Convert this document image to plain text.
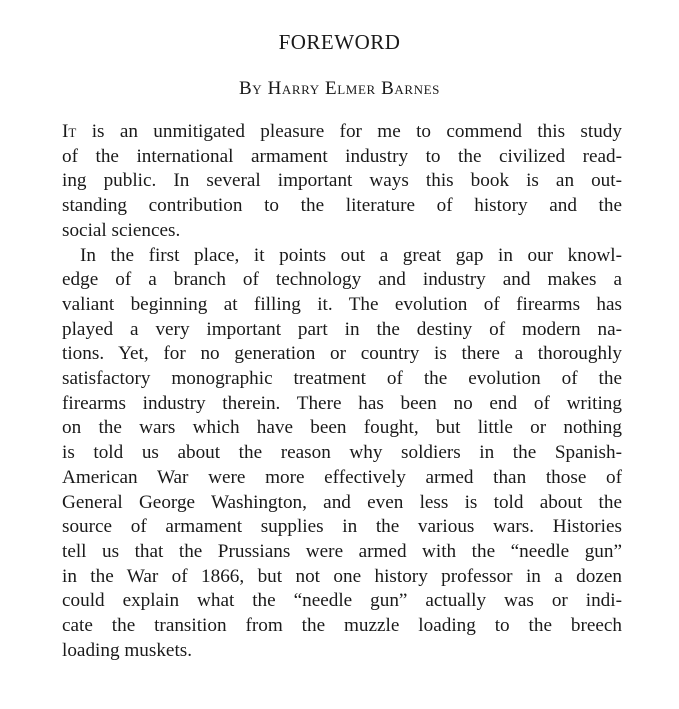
FOREWORD
By Harry Elmer Barnes

It is an unmitigated pleasure for me to commend this study
of the international armament industry to the civilized read-
ing public. In several important ways this book is an out-
standing contribution to the literature of history and the
social sciences.

In the first place, it points out a great gap in our knowl-
edge of a branch of technology and industry and makes a
valiant beginning at filling it. The evolution of firearms has
played a very important part in the destiny of modern na-
tions. Yet, for no generation or country is there a thoroughly
satisfactory monographic treatment of the evolution of the
firearms industry therein. There has been no end of writing
on the wars which have been fought, but little or nothing
is told us about the reason why soldiers in the Spanish-
American War were more effectively armed than those of
General George Washington, and even less is told about the
source of armament supplies in the various wars. Histories
tell us that the Prussians were armed with the “needle gun”
in the War of 1866, but not one history professor in a dozen
could explain what the “needle gun” actually was or indi-
cate the transition from the muzzle loading to the breech
loading muskets.
